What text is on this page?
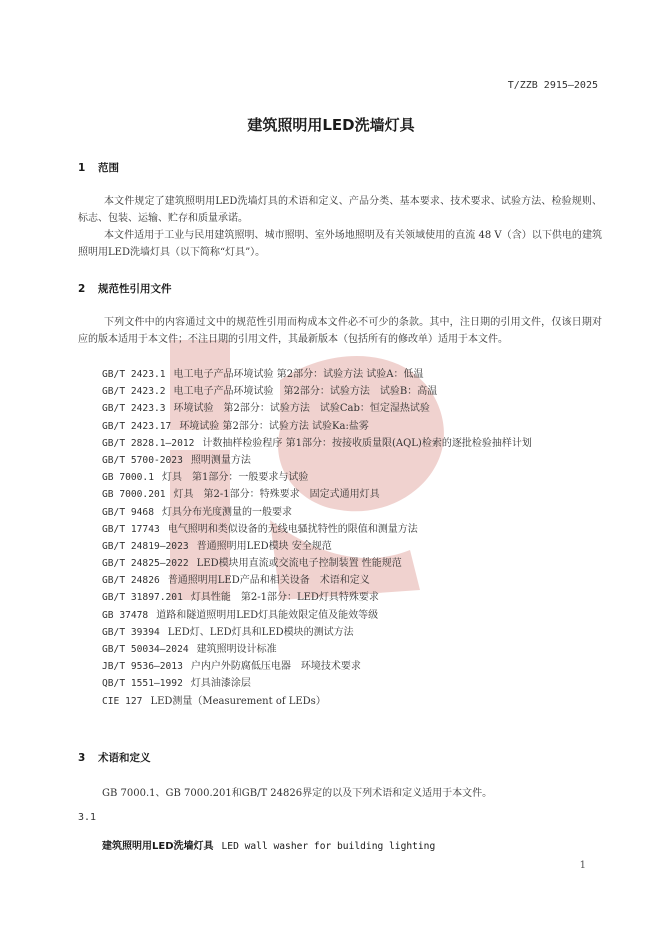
T/ZZB 2915—2025
建筑照明用LED洗墙灯具
1 范围
本文件规定了建筑照明用LED洗墙灯具的术语和定义、产品分类、基本要求、技术要求、试验方法、检验规则、标志、包装、运输、贮存和质量承诺。
本文件适用于工业与民用建筑照明、城市照明、室外场地照明及有关领域使用的直流 48 V（含）以下供电的建筑照明用LED洗墙灯具（以下简称“灯具”）。
2 规范性引用文件
下列文件中的内容通过文中的规范性引用而构成本文件必不可少的条款。其中，注日期的引用文件，仅该日期对应的版本适用于本文件；不注日期的引用文件，其最新版本（包括所有的修改单）适用于本文件。
GB/T 2423.1 电工电子产品环境试验 第2部分：试验方法 试验A：低温
GB/T 2423.2 电工电子产品环境试验　第2部分：试验方法　试验B：高温
GB/T 2423.3 环境试验　第2部分：试验方法　试验Cab：恒定湿热试验
GB/T 2423.17 环境试验 第2部分：试验方法 试验Ka:盐雾
GB/T 2828.1—2012 计数抽样检验程序 第1部分：按接收质量限(AQL)检索的逐批检验抽样计划
GB/T 5700-2023 照明测量方法
GB 7000.1 灯具　第1部分：一般要求与试验
GB 7000.201 灯具　第2-1部分：特殊要求　固定式通用灯具
GB/T 9468 灯具分布光度测量的一般要求
GB/T 17743 电气照明和类似设备的无线电骚扰特性的限值和测量方法
GB/T 24819—2023 普通照明用LED模块 安全规范
GB/T 24825—2022 LED模块用直流或交流电子控制装置 性能规范
GB/T 24826 普通照明用LED产品和相关设备　术语和定义
GB/T 31897.201 灯具性能　第2-1部分：LED灯具特殊要求
GB 37478 道路和隧道照明用LED灯具能效限定值及能效等级
GB/T 39394 LED灯、LED灯具和LED模块的测试方法
GB/T 50034—2024 建筑照明设计标准
JB/T 9536—2013 户内户外防腐低压电器　环境技术要求
QB/T 1551—1992 灯具油漆涂层
CIE 127 LED测量（Measurement of LEDs）
3 术语和定义
GB 7000.1、GB 7000.201和GB/T 24826界定的以及下列术语和定义适用于本文件。
3.1
建筑照明用LED洗墙灯具 LED wall washer for building lighting
1
